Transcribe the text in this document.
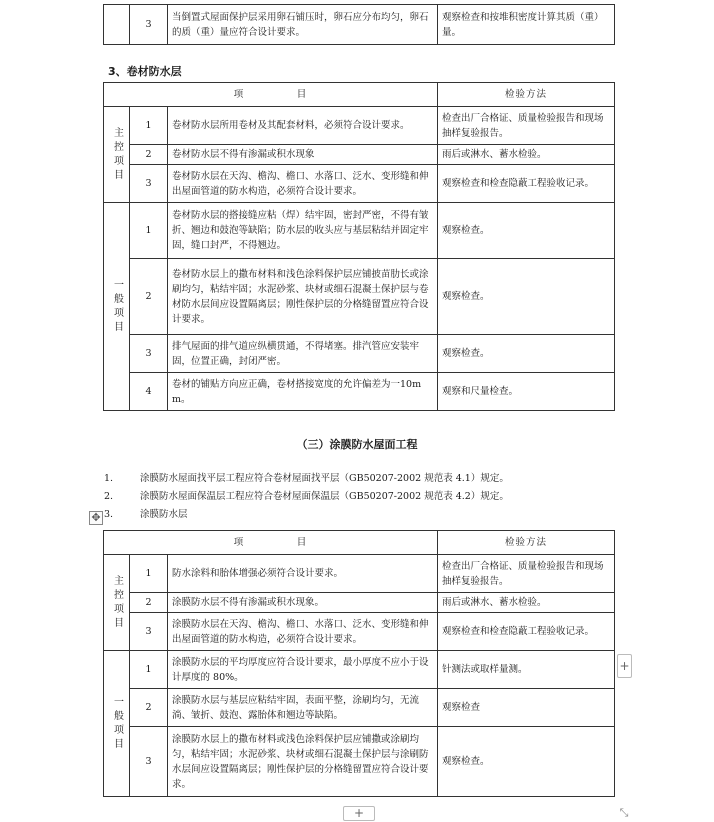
	3	当倒置式屋面保护层采用卵石铺压时，卵石应分布均匀，卵石的质（重）量应符合设计要求。	观察检查和按堆积密度计算其质（重）量。
3、卷材防水层
项　　　　　目			检验方法
主控项目	1	卷材防水层所用卷材及其配套材料，必须符合设计要求。	检查出厂合格证、质量检验报告和现场抽样复验报告。
	2	卷材防水层不得有渗漏或积水现象	雨后或淋水、蓄水检验。
	3	卷材防水层在天沟、檐沟、檐口、水落口、泛水、变形缝和伸出屋面管道的防水构造，必须符合设计要求。	观察检查和检查隐蔽工程验收记录。
一般项目	1	卷材防水层的搭接缝应粘（焊）结牢固，密封严密，不得有皱折、翘边和鼓泡等缺陷；防水层的收头应与基层粘结并固定牢固，缝口封严，不得翘边。	观察检查。
	2	卷材防水层上的撒布材料和浅色涂料保护层应铺披苗肋长或涂刷均匀，粘结牢固；水泥砂浆、块材或细石混凝土保护层与卷材防水层间应设置隔离层；刚性保护层的分格缝留置应符合设计要求。	观察检查。
	3	排气屋面的排气道应纵横贯通，不得堵塞。排汽管应安装牢固，位置正确，封闭严密。	观察检查。
	4	卷材的铺贴方向应正确，卷材搭接宽度的允许偏差为一10mm。	观察和尺量检查。
（三）涂膜防水屋面工程
1.	涂膜防水屋面找平层工程应符合卷材屋面找平层（GB50207-2002 规范表 4.1）规定。
2.	涂膜防水屋面保温层工程应符合卷材屋面保温层（GB50207-2002 规范表 4.2）规定。
3.	涂膜防水层
✥
项　　　　　目			检验方法
主控项目	1	防水涂料和胎体增强必须符合设计要求。	检查出厂合格证、质量检验报告和现场抽样复验报告。
	2	涂膜防水层不得有渗漏或积水现象。	雨后或淋水、蓄水检验。
	3	涂膜防水层在天沟、檐沟、檐口、水落口、泛水、变形缝和伸出屋面管道的防水构造，必须符合设计要求。	观察检查和检查隐蔽工程验收记录。
一般项目	1	涂膜防水层的平均厚度应符合设计要求，最小厚度不应小于设计厚度的 80%。	针测法或取样量测。
	2	涂膜防水层与基层应粘结牢固，表面平整，涂刷均匀，无流淌、皱折、鼓泡、露胎体和翘边等缺陷。	观察检查
	3	涂膜防水层上的撒布材料或浅色涂料保护层应铺撒或涂刷均匀，粘结牢固；水泥砂浆、块材或细石混凝土保护层与涂刷防水层间应设置隔离层；刚性保护层的分格缝留置应符合设计要求。	观察检查。
+
+	⤡
